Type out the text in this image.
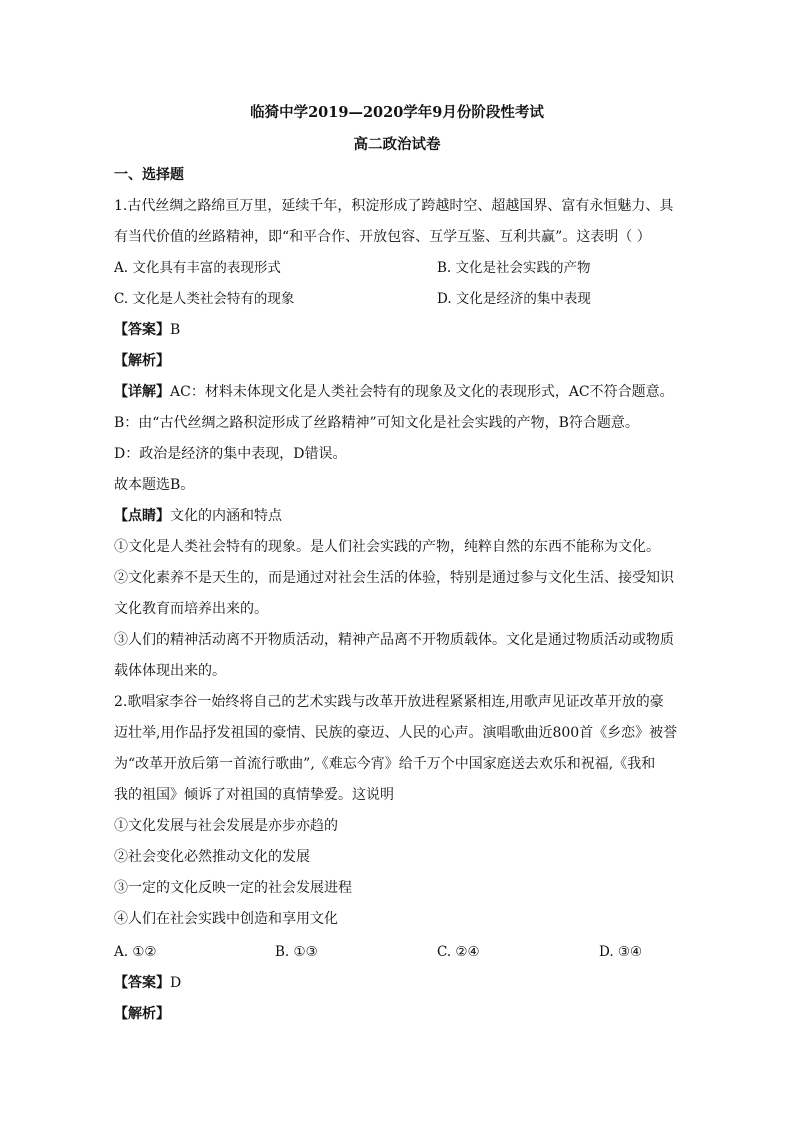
临猗中学2019—2020学年9月份阶段性考试
高二政治试卷
一、选择题
1.古代丝绸之路绵亘万里，延续千年，积淀形成了跨越时空、超越国界、富有永恒魅力、具
有当代价值的丝路精神，即“和平合作、开放包容、互学互鉴、互利共赢”。这表明（ ）
A. 文化具有丰富的表现形式	B. 文化是社会实践的产物
C. 文化是人类社会特有的现象	D. 文化是经济的集中表现
【答案】B
【解析】
【详解】AC：材料未体现文化是人类社会特有的现象及文化的表现形式，AC不符合题意。
B：由“古代丝绸之路积淀形成了丝路精神”可知文化是社会实践的产物，B符合题意。
D：政治是经济的集中表现，D错误。
故本题选B。
【点睛】文化的内涵和特点
①文化是人类社会特有的现象。是人们社会实践的产物，纯粹自然的东西不能称为文化。
②文化素养不是天生的，而是通过对社会生活的体验，特别是通过参与文化生活、接受知识
文化教育而培养出来的。
③人们的精神活动离不开物质活动，精神产品离不开物质载体。文化是通过物质活动或物质
载体体现出来的。
2.歌唱家李谷一始终将自己的艺术实践与改革开放进程紧紧相连,用歌声见证改革开放的豪
迈壮举,用作品抒发祖国的豪情、民族的豪迈、人民的心声。演唱歌曲近800首《乡恋》被誉
为“改革开放后第一首流行歌曲”,《难忘今宵》给千万个中国家庭送去欢乐和祝福,《我和
我的祖国》倾诉了对祖国的真情挚爱。这说明
①文化发展与社会发展是亦步亦趋的
②社会变化必然推动文化的发展
③一定的文化反映一定的社会发展进程
④人们在社会实践中创造和享用文化
A. ①②	B. ①③	C. ②④	D. ③④
【答案】D
【解析】
